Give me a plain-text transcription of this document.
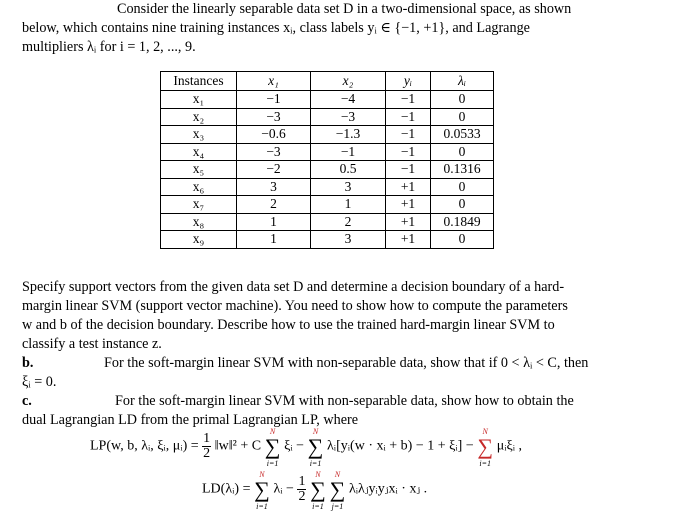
Consider the linearly separable data set D in a two-dimensional space, as shown

below, which contains nine training instances xᵢ, class labels yᵢ ∈ {−1, +1}, and Lagrange

multipliers λᵢ for i = 1, 2, ..., 9.

Instances	x₁	x₂	yᵢ	λᵢ
x₁	−1	−4	−1	0
x₂	−3	−3	−1	0
x₃	−0.6	−1.3	−1	0.0533
x₄	−3	−1	−1	0
x₅	−2	0.5	−1	0.1316
x₆	3	3	+1	0
x₇	2	1	+1	0
x₈	1	2	+1	0.1849
x₉	1	3	+1	0

Specify support vectors from the given data set D and determine a decision boundary of a hard-

margin linear SVM (support vector machine). You need to show how to compute the parameters

w and b of the decision boundary. Describe how to use the trained hard-margin linear SVM to

classify a test instance z.

b.	For the soft-margin linear SVM with non-separable data, show that if 0 < λᵢ < C, then

ξᵢ = 0.

c.	For the soft-margin linear SVM with non-separable data, show how to obtain the

dual Lagrangian LD from the primal Lagrangian LP, where

LP(w, b, λᵢ, ξᵢ, μᵢ) = $\frac{1}{2}$ ‖w‖² + C
N
∑
i=1
ξᵢ −
N
∑
i=1
λᵢ[yᵢ(w · xᵢ + b) − 1 + ξᵢ] −
N
∑
i=1
μᵢξᵢ ,
LD(λᵢ) =
N
∑
i=1
λᵢ − $\frac{1}{2}$

N
∑
i=1

N
∑
j=1
λᵢλⱼyᵢyⱼxᵢ · xⱼ .
